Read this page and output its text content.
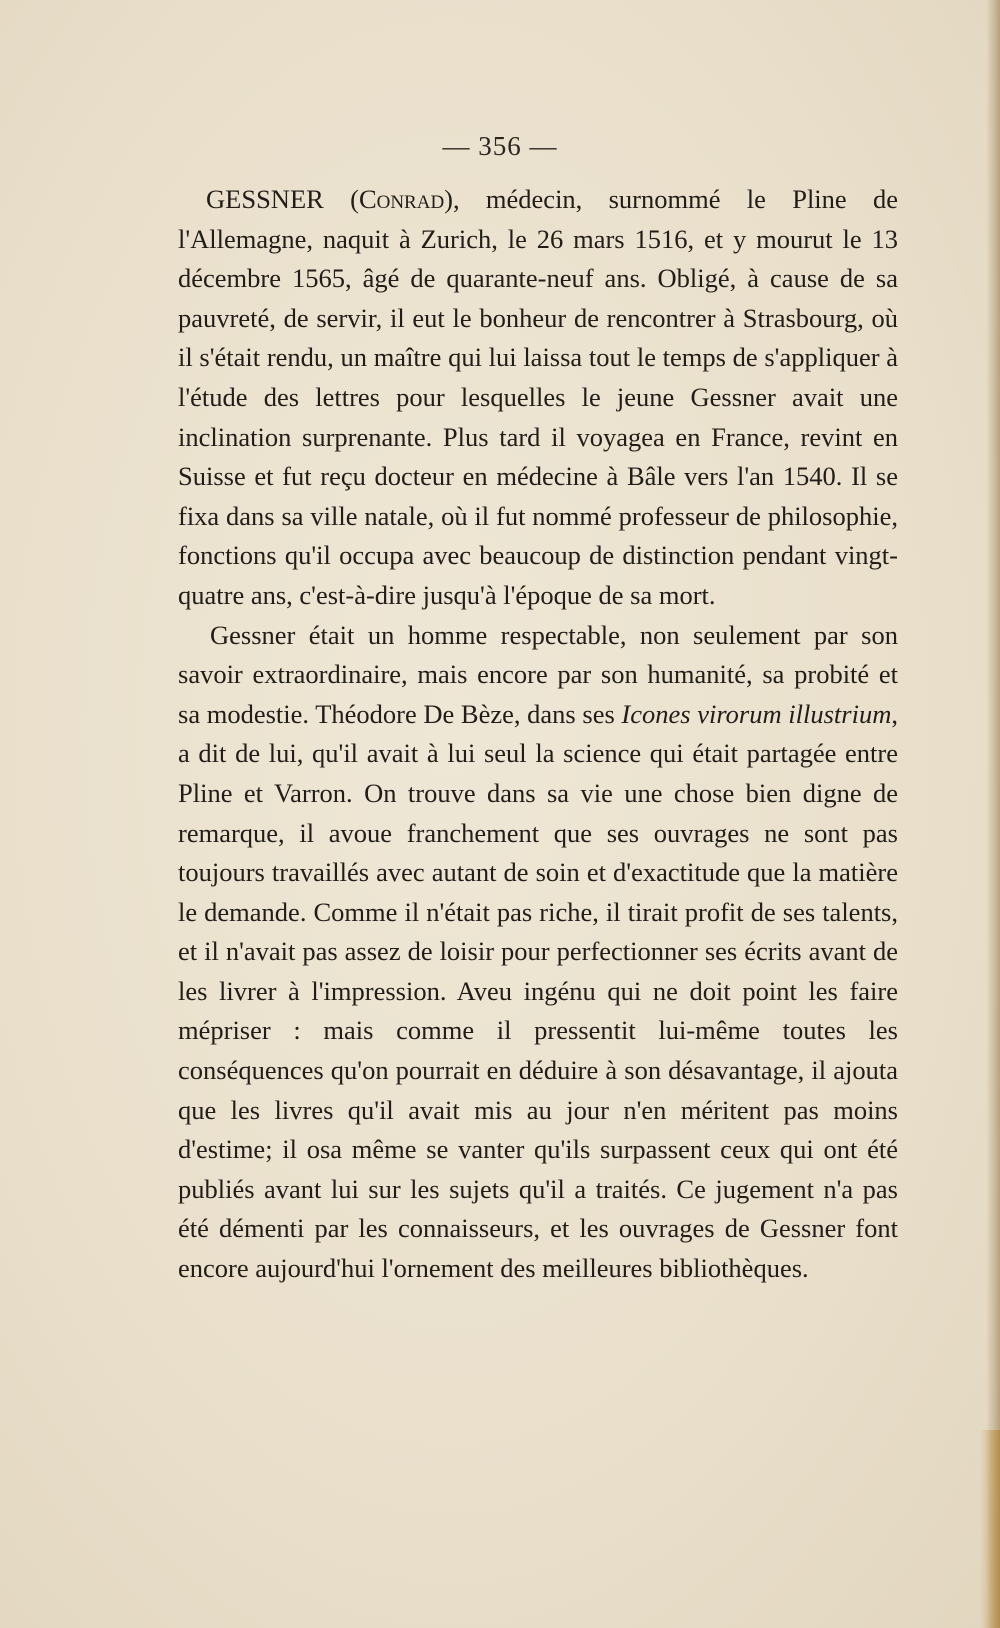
— 356 —

GESSNER (Conrad), médecin, surnommé le Pline de l'Allemagne, naquit à Zurich, le 26 mars 1516, et y mourut le 13 décembre 1565, âgé de quarante-neuf ans. Obligé, à cause de sa pauvreté, de servir, il eut le bonheur de rencontrer à Strasbourg, où il s'était rendu, un maître qui lui laissa tout le temps de s'appliquer à l'étude des lettres pour lesquelles le jeune Gessner avait une inclination surprenante. Plus tard il voyagea en France, revint en Suisse et fut reçu docteur en médecine à Bâle vers l'an 1540. Il se fixa dans sa ville natale, où il fut nommé professeur de philosophie, fonctions qu'il occupa avec beaucoup de distinction pendant vingt-quatre ans, c'est-à-dire jusqu'à l'époque de sa mort.

Gessner était un homme respectable, non seulement par son savoir extraordinaire, mais encore par son humanité, sa probité et sa modestie. Théodore De Bèze, dans ses Icones virorum illustrium, a dit de lui, qu'il avait à lui seul la science qui était partagée entre Pline et Varron. On trouve dans sa vie une chose bien digne de remarque, il avoue franchement que ses ouvrages ne sont pas toujours travaillés avec autant de soin et d'exactitude que la matière le demande. Comme il n'était pas riche, il tirait profit de ses talents, et il n'avait pas assez de loisir pour perfectionner ses écrits avant de les livrer à l'impression. Aveu ingénu qui ne doit point les faire mépriser : mais comme il pressentit lui-même toutes les conséquences qu'on pourrait en déduire à son désavantage, il ajouta que les livres qu'il avait mis au jour n'en méritent pas moins d'estime; il osa même se vanter qu'ils surpassent ceux qui ont été publiés avant lui sur les sujets qu'il a traités. Ce jugement n'a pas été démenti par les connaisseurs, et les ouvrages de Gessner font encore aujourd'hui l'ornement des meilleures bibliothèques.
